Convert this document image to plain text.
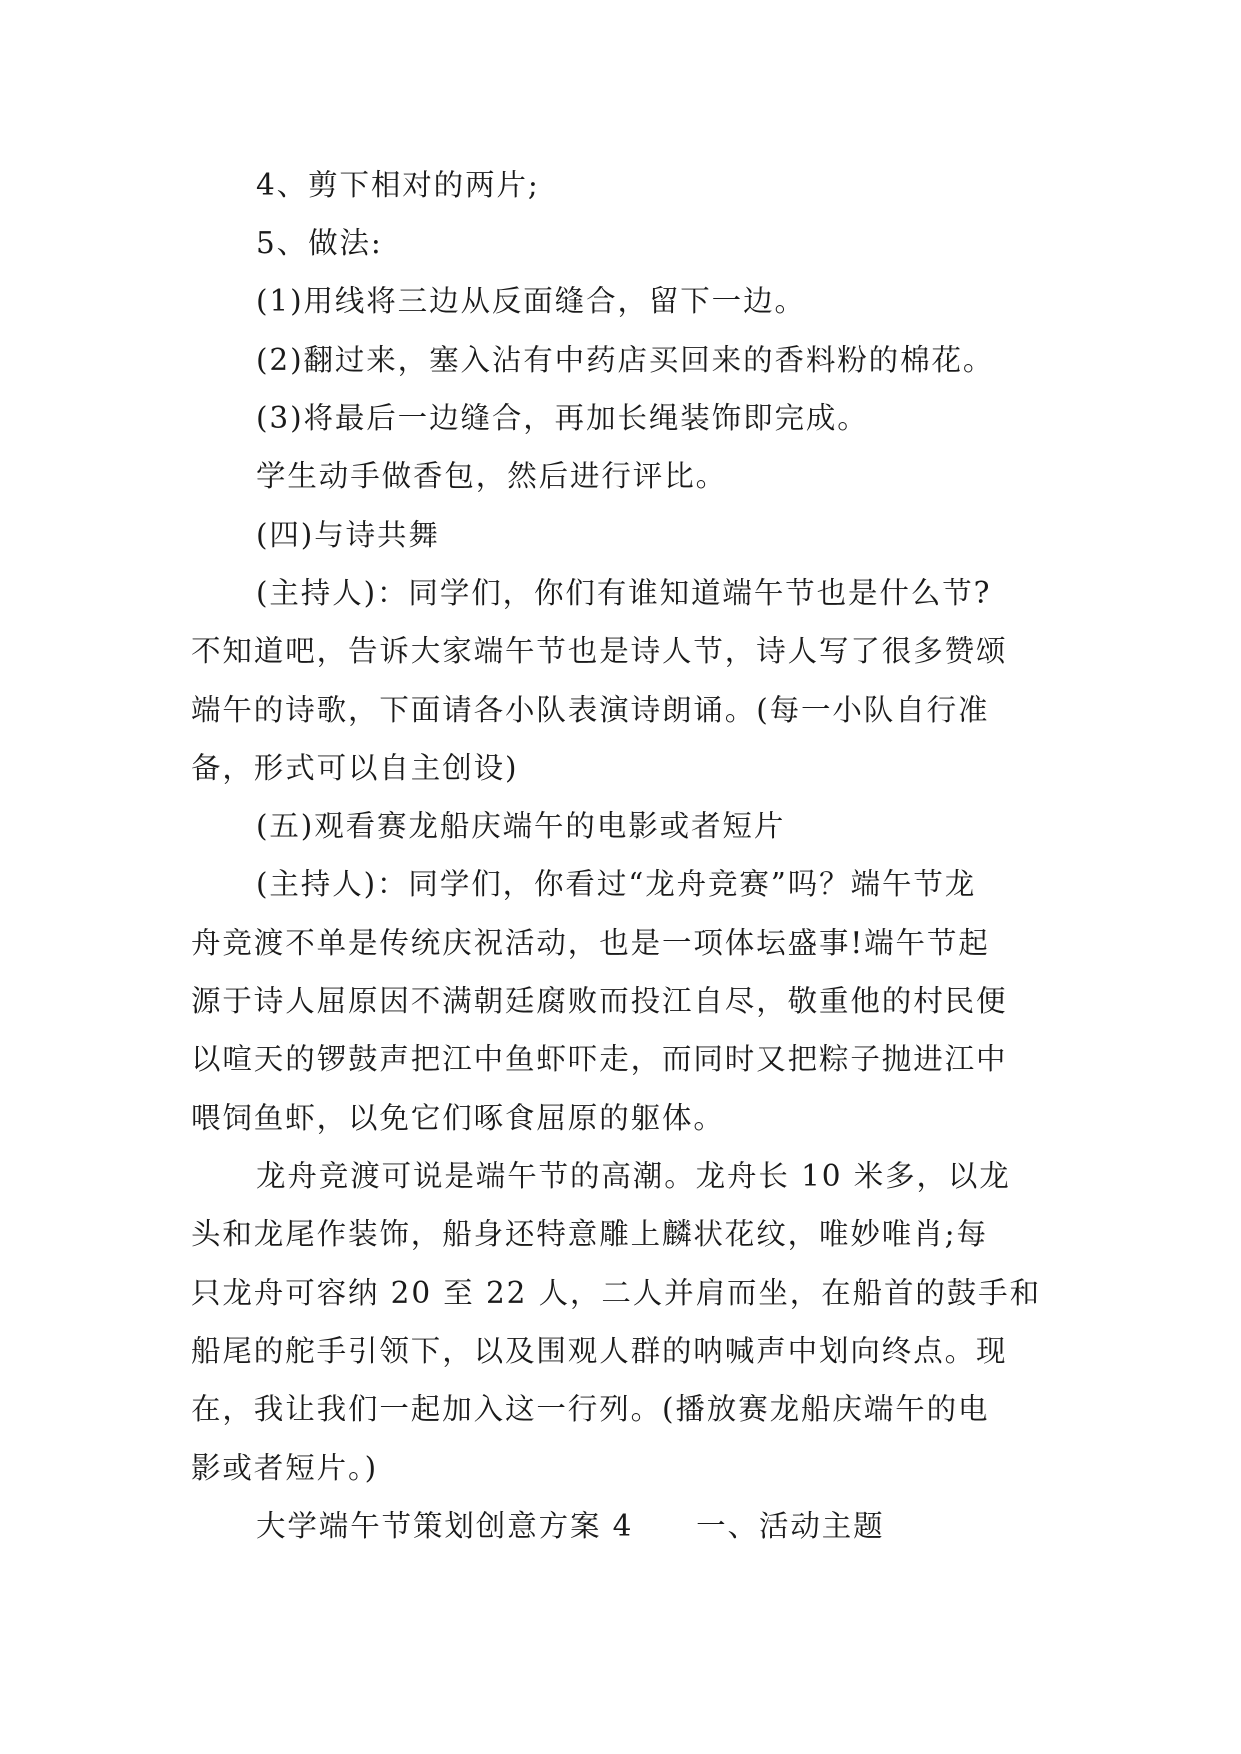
4、剪下相对的两片;

5、做法:

(1)用线将三边从反面缝合，留下一边。

(2)翻过来，塞入沾有中药店买回来的香料粉的棉花。

(3)将最后一边缝合，再加长绳装饰即完成。

学生动手做香包，然后进行评比。

(四)与诗共舞

(主持人)：同学们，你们有谁知道端午节也是什么节?

不知道吧，告诉大家端午节也是诗人节，诗人写了很多赞颂

端午的诗歌，下面请各小队表演诗朗诵。(每一小队自行准

备，形式可以自主创设)

(五)观看赛龙船庆端午的电影或者短片

(主持人)：同学们，你看过“龙舟竞赛”吗？端午节龙

舟竞渡不单是传统庆祝活动，也是一项体坛盛事!端午节起

源于诗人屈原因不满朝廷腐败而投江自尽，敬重他的村民便

以喧天的锣鼓声把江中鱼虾吓走，而同时又把粽子抛进江中

喂饲鱼虾，以免它们啄食屈原的躯体。

龙舟竞渡可说是端午节的高潮。龙舟长 10 米多，以龙

头和龙尾作装饰，船身还特意雕上麟状花纹，唯妙唯肖;每

只龙舟可容纳 20 至 22 人，二人并肩而坐，在船首的鼓手和

船尾的舵手引领下，以及围观人群的呐喊声中划向终点。现

在，我让我们一起加入这一行列。(播放赛龙船庆端午的电

影或者短片。)

大学端午节策划创意方案 4　　一、活动主题
